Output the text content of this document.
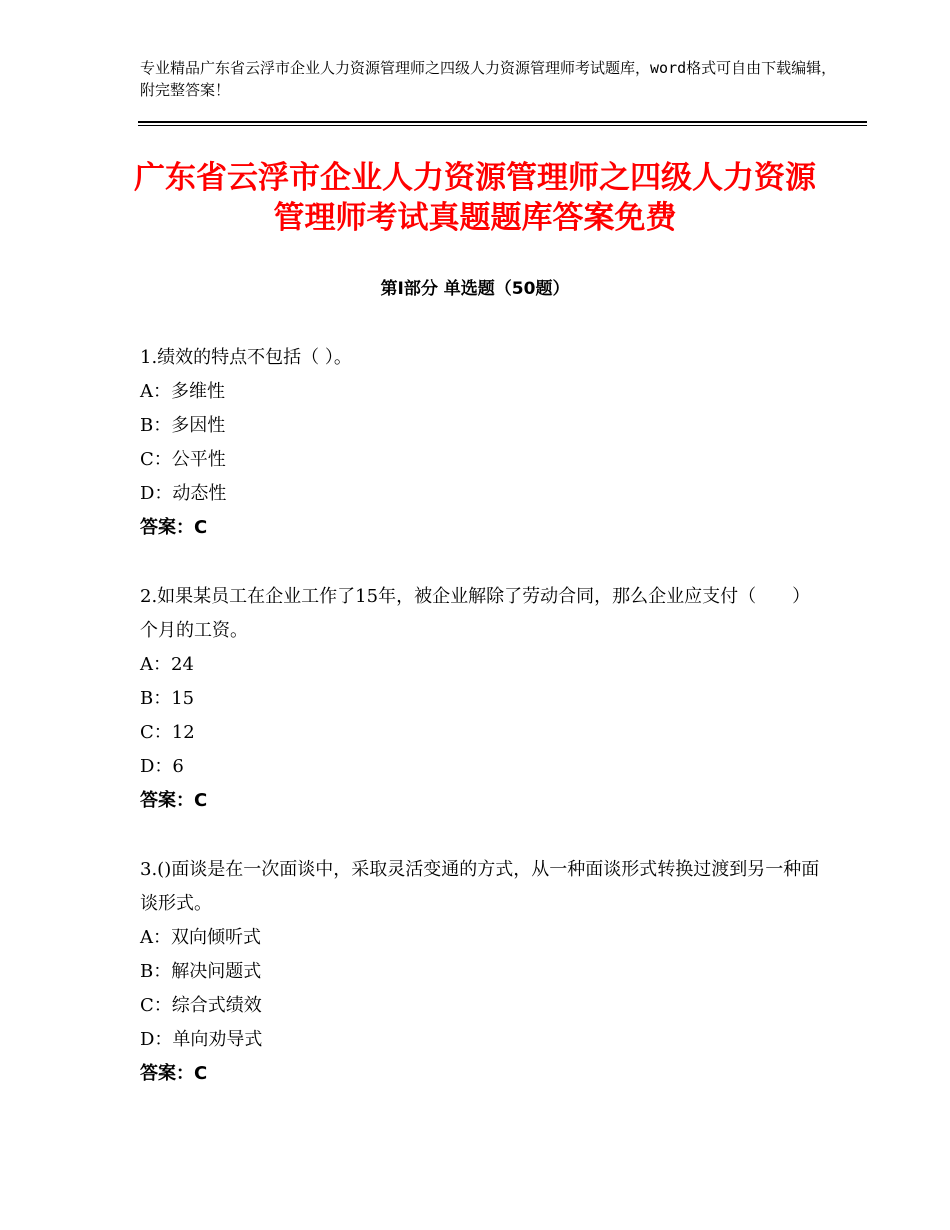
专业精品广东省云浮市企业人力资源管理师之四级人力资源管理师考试题库，word格式可自由下载编辑，附完整答案！
广东省云浮市企业人力资源管理师之四级人力资源管理师考试真题题库答案免费
第Ⅰ部分 单选题（50题）
1.绩效的特点不包括（ ）。
A：多维性
B：多因性
C：公平性
D：动态性
答案：C
2.如果某员工在企业工作了15年，被企业解除了劳动合同，那么企业应支付（　　）个月的工资。
A：24
B：15
C：12
D：6
答案：C
3.()面谈是在一次面谈中，采取灵活变通的方式，从一种面谈形式转换过渡到另一种面谈形式。
A：双向倾听式
B：解决问题式
C：综合式绩效
D：单向劝导式
答案：C
